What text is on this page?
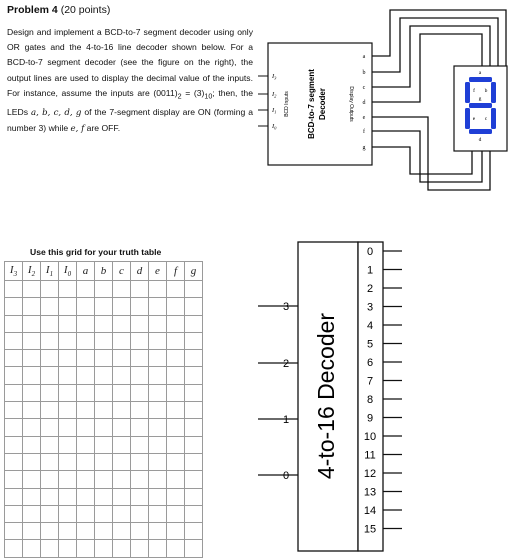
Problem 4 (20 points)
Design and implement a BCD-to-7 segment decoder using only OR gates and the 4-to-16 line decoder shown below. For a BCD-to-7 segment decoder (see the figure on the right), the output lines are used to display the decimal value of the inputs. For instance, assume the inputs are $(0011)_2 = (3)_{10}$; then, the LEDs a, b, c, d, g of the 7-segment display are ON (forming a number 3) while e, f are OFF.
$I_3$
$I_2$
$I_1$
$I_0$
BCD Inputs BCD-to-7 segment Decoder	Display Outputs
a
b
c
d
e
f
g
a
b
c
d
e
f
g
Use this grid for your truth table
$I_3$	$I_2$	$I_1$	$I_0$	a	b	c	d	e	f	g

4-to-16 Decoder
3
2
1
0
0
1
2
3
4
5
6
7
8
9
10
11
12
13
14
15
